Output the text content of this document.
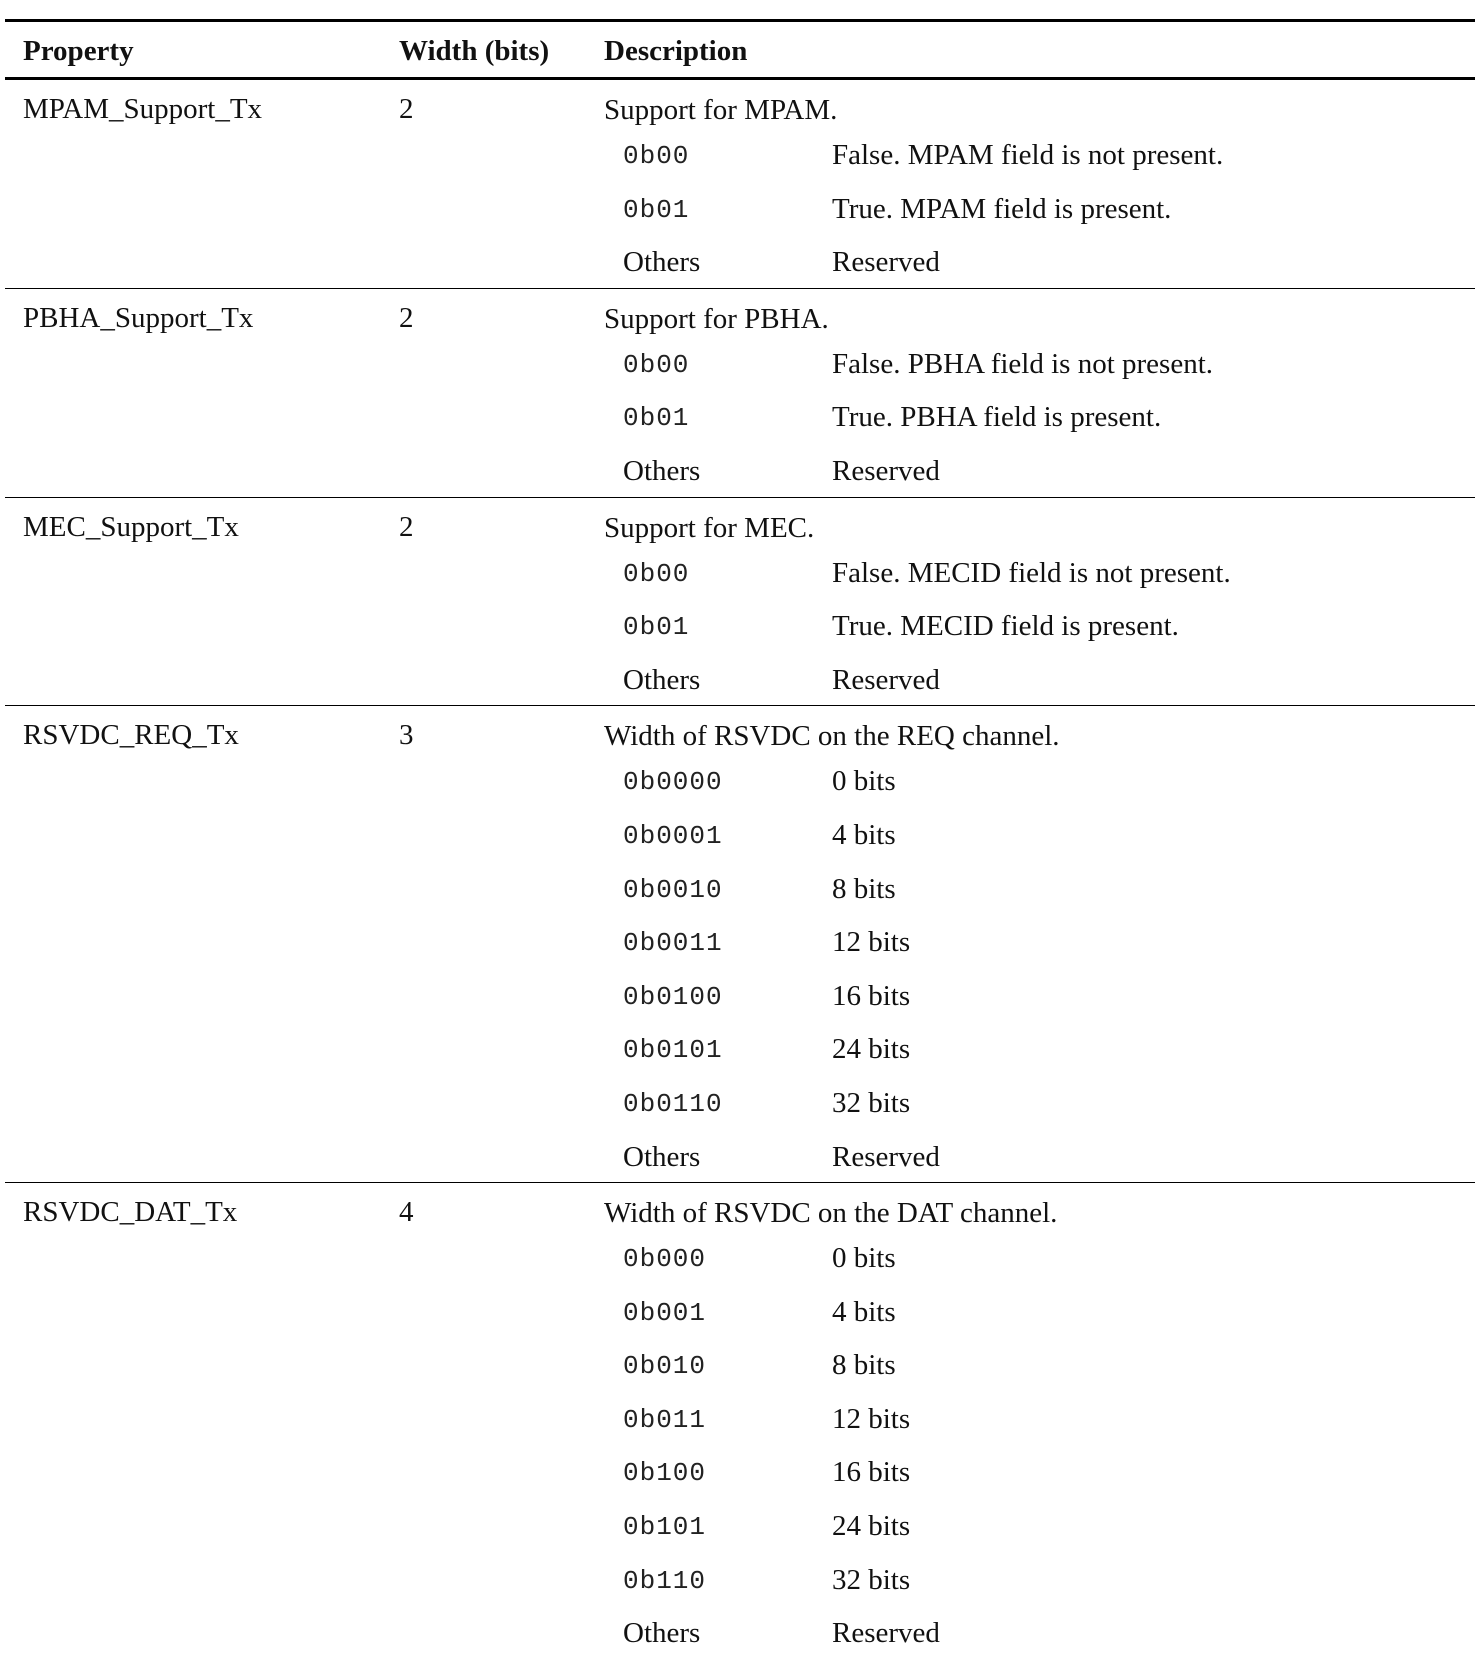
Property	Width (bits) Description
MPAM_Support_Tx	2	Support for MPAM.
0b00	False. MPAM field is not present.
0b01	True. MPAM field is present.
Others	Reserved
PBHA_Support_Tx	2	Support for PBHA.
0b00	False. PBHA field is not present.
0b01	True. PBHA field is present.
Others	Reserved
MEC_Support_Tx	2	Support for MEC.
0b00	False. MECID field is not present.
0b01	True. MECID field is present.
Others	Reserved
RSVDC_REQ_Tx	3	Width of RSVDC on the REQ channel.
0b0000	0 bits
0b0001	4 bits
0b0010	8 bits
0b0011	12 bits
0b0100	16 bits
0b0101	24 bits
0b0110	32 bits
Others	Reserved
RSVDC_DAT_Tx	4	Width of RSVDC on the DAT channel.
0b000	0 bits
0b001	4 bits
0b010	8 bits
0b011	12 bits
0b100	16 bits
0b101	24 bits
0b110	32 bits
Others	Reserved
